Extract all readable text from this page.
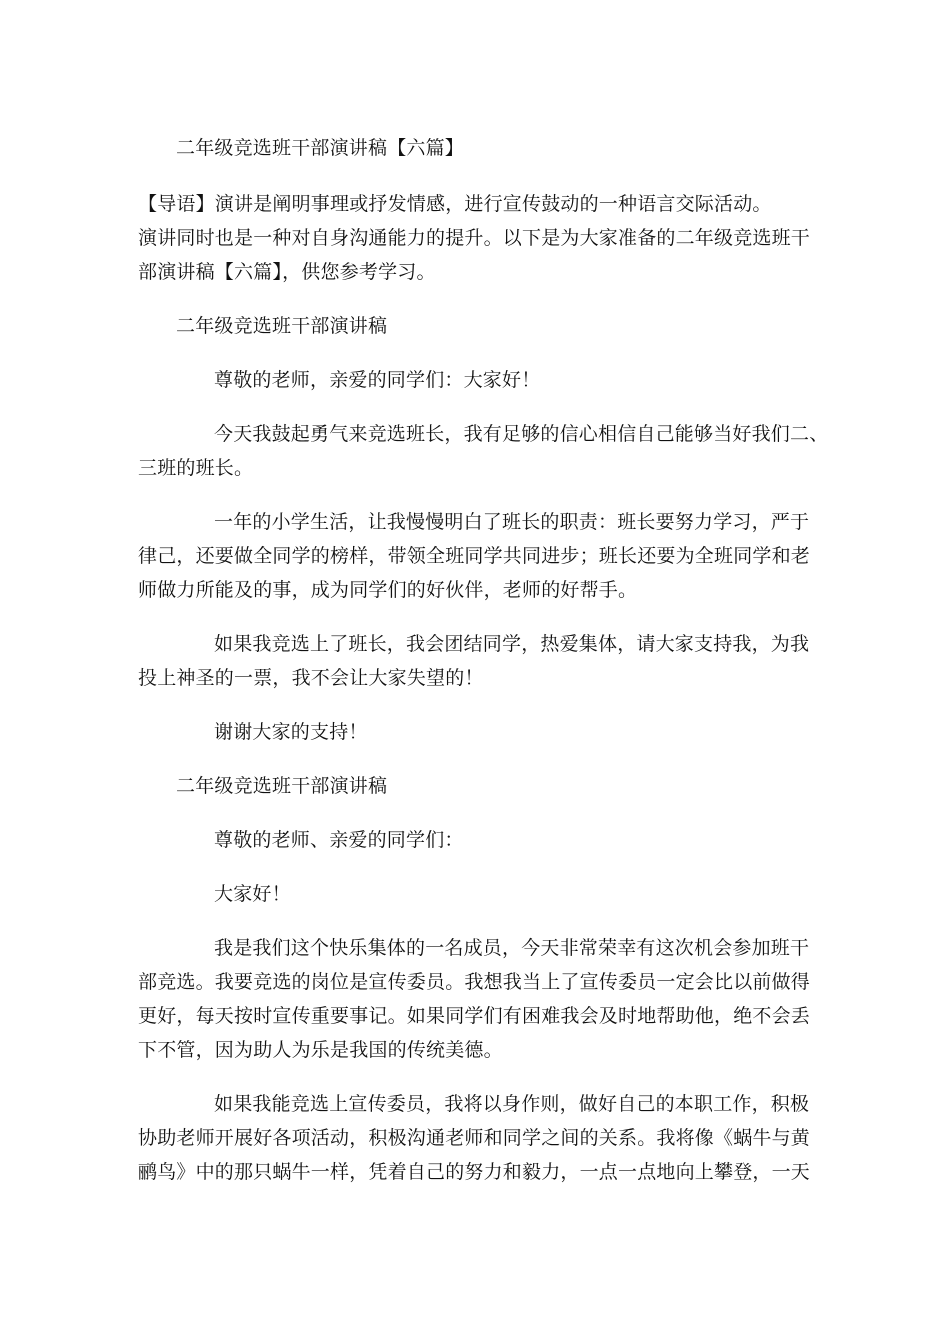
二年级竞选班干部演讲稿【六篇】
【导语】演讲是阐明事理或抒发情感，进行宣传鼓动的一种语言交际活动。
演讲同时也是一种对自身沟通能力的提升。以下是为大家准备的二年级竞选班干
部演讲稿【六篇】，供您参考学习。
二年级竞选班干部演讲稿
尊敬的老师，亲爱的同学们：大家好！
今天我鼓起勇气来竞选班长，我有足够的信心相信自己能够当好我们二、
三班的班长。
一年的小学生活，让我慢慢明白了班长的职责：班长要努力学习，严于
律己，还要做全同学的榜样，带领全班同学共同进步；班长还要为全班同学和老
师做力所能及的事，成为同学们的好伙伴，老师的好帮手。
如果我竞选上了班长，我会团结同学，热爱集体，请大家支持我，为我
投上神圣的一票，我不会让大家失望的！
谢谢大家的支持！
二年级竞选班干部演讲稿
尊敬的老师、亲爱的同学们：
大家好！
我是我们这个快乐集体的一名成员，今天非常荣幸有这次机会参加班干
部竞选。我要竞选的岗位是宣传委员。我想我当上了宣传委员一定会比以前做得
更好，每天按时宣传重要事记。如果同学们有困难我会及时地帮助他，绝不会丢
下不管，因为助人为乐是我国的传统美德。
如果我能竞选上宣传委员，我将以身作则，做好自己的本职工作，积极
协助老师开展好各项活动，积极沟通老师和同学之间的关系。我将像《蜗牛与黄
鹂鸟》中的那只蜗牛一样，凭着自己的努力和毅力，一点一点地向上攀登，一天
